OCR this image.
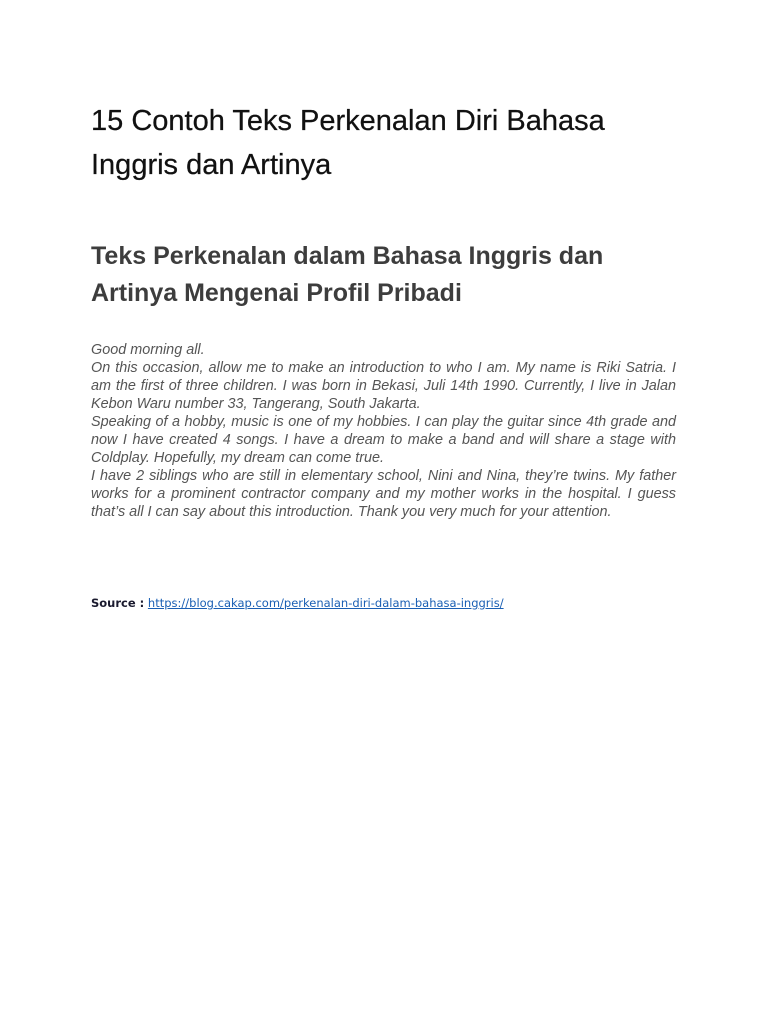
15 Contoh Teks Perkenalan Diri Bahasa Inggris dan Artinya
Teks Perkenalan dalam Bahasa Inggris dan Artinya Mengenai Profil Pribadi

Good morning all.

On this occasion, allow me to make an introduction to who I am. My name is Riki Satria. I am the first of three children. I was born in Bekasi, Juli 14th 1990. Currently, I live in Jalan Kebon Waru number 33, Tangerang, South Jakarta.

Speaking of a hobby, music is one of my hobbies. I can play the guitar since 4th grade and now I have created 4 songs. I have a dream to make a band and will share a stage with Coldplay. Hopefully, my dream can come true.

I have 2 siblings who are still in elementary school, Nini and Nina, they’re twins. My father works for a prominent contractor company and my mother works in the hospital. I guess that’s all I can say about this introduction. Thank you very much for your attention.

Source : https://blog.cakap.com/perkenalan-diri-dalam-bahasa-inggris/
